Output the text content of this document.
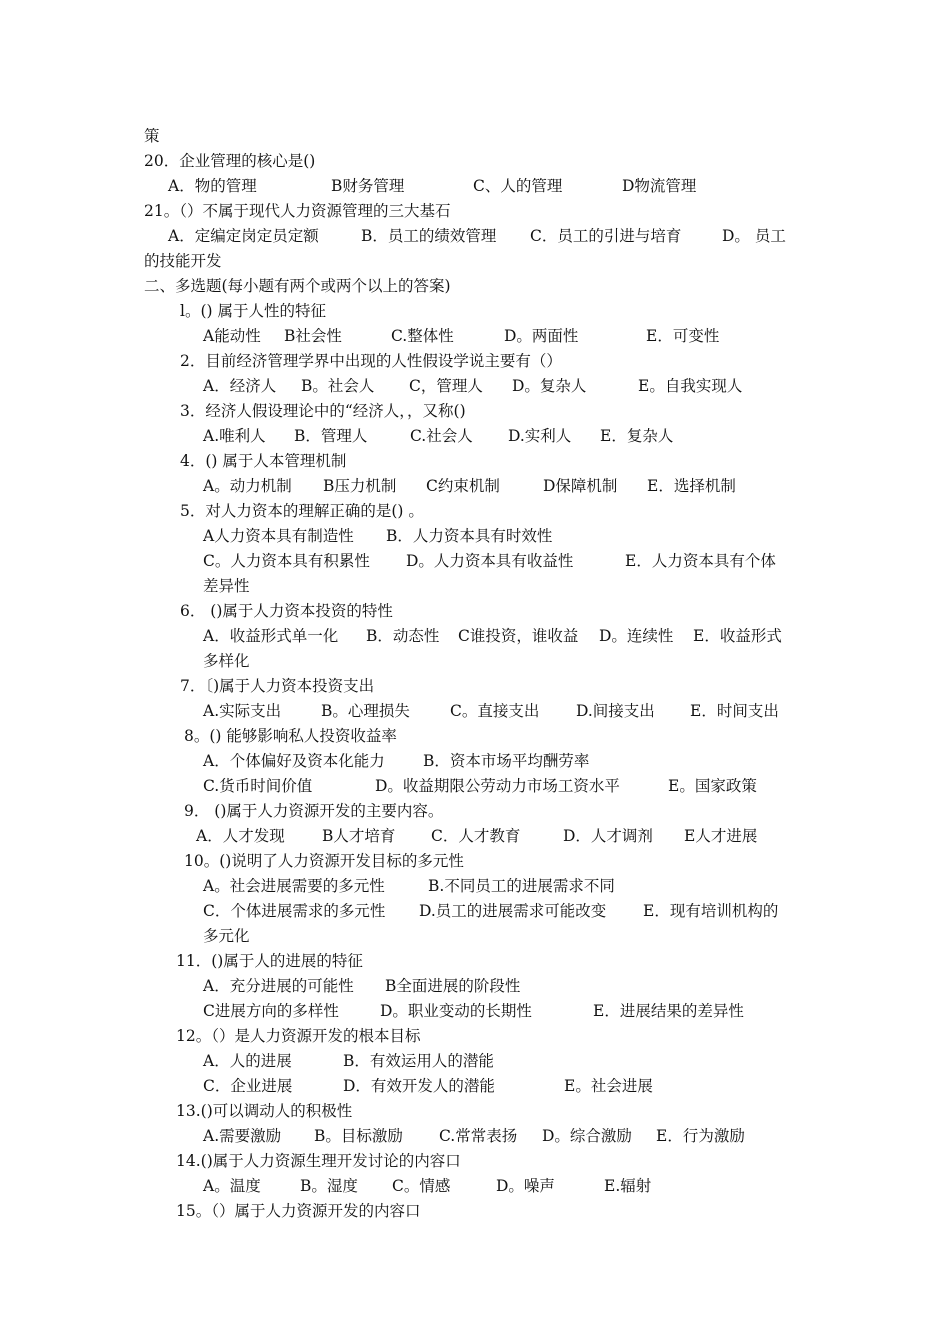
策
20．企业管理的核心是()
A．物的管理	B财务管理	C、人的管理	D物流管理
21。（）不属于现代人力资源管理的三大基石
A．定编定岗定员定额	B．员工的绩效管理 C．员工的引进与培育	D。 员工
的技能开发
二、多选题(每小题有两个或两个以上的答案)
l。() 属于人性的特征
A能动性 B社会性	C.整体性	D。两面性	E．可变性
2．目前经济管理学界中出现的人性假设学说主要有（）
A．经济人 B。社会人 C，管理人 D。复杂人	E。自我实现人
3．经济人假设理论中的“经济人，，又称()
A.唯利人 B．管理人	C.社会人 D.实利人 E．复杂人
4．() 属于人本管理机制
A。动力机制 B压力机制 C约束机制	D保障机制 E．选择机制
5．对人力资本的理解正确的是() 。
A人力资本具有制造性 B．人力资本具有时效性
C。人力资本具有积累性 D。人力资本具有收益性	E．人力资本具有个体
差异性
6． ()属于人力资本投资的特性
A．收益形式单一化 B．动态性 C谁投资，谁收益 D。连续性 E．收益形式
多样化
7．〔)属于人力资本投资支出
A.实际支出	B。心理损失	C。直接支出 D.间接支出 E．时间支出
8。() 能够影响私人投资收益率
A．个体偏好及资本化能力 B．资本市场平均酬劳率
C.货币时间价值	D。收益期限公劳动力市场工资水平	E。国家政策
9． ()属于人力资源开发的主要内容。
A．人才发现 B人才培育 C．人才教育	D．人才调剂 E人才进展
10。()说明了人力资源开发目标的多元性
A。社会进展需要的多元性	B.不同员工的进展需求不同
C．个体进展需求的多元性 D.员工的进展需求可能改变 E．现有培训机构的
多元化
11．()属于人的进展的特征
A．充分进展的可能性 B全面进展的阶段性
C进展方向的多样性	D。职业变动的长期性	E．进展结果的差异性
12。（）是人力资源开发的根本目标
A．人的进展	B．有效运用人的潜能
C．企业进展	D．有效开发人的潜能	E。社会进展
13.()可以调动人的积极性
A.需要激励 B。目标激励 C.常常表扬 D。综合激励 E．行为激励
14.()属于人力资源生理开发讨论的内容口
A。温度	B。湿度 C。情感	D。噪声	E.辐射
15。（）属于人力资源开发的内容口
